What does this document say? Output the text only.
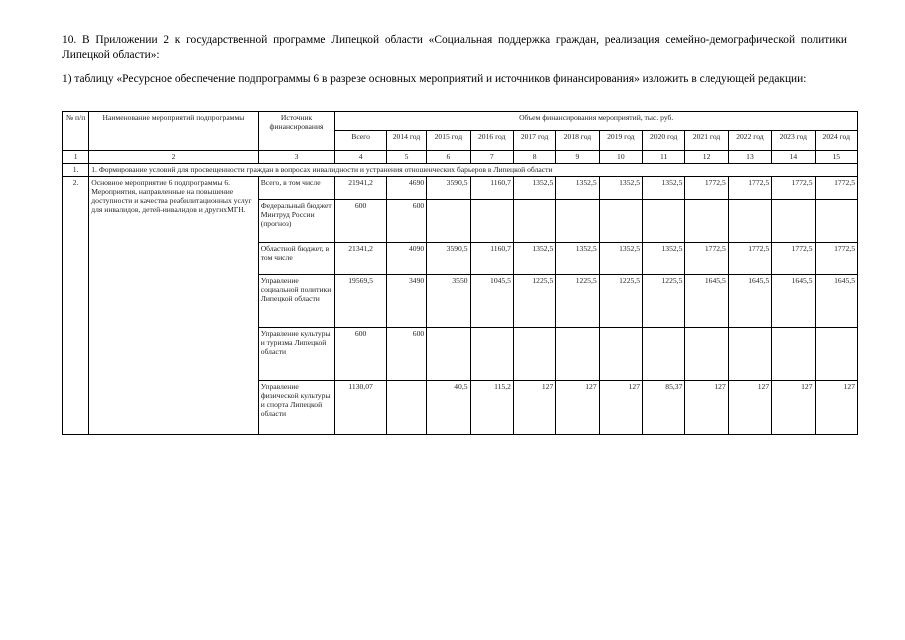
10. В Приложении 2 к государственной программе Липецкой области «Социальная поддержка граждан, реализация семейно-демографической политики Липецкой области»:
1) таблицу «Ресурсное обеспечение подпрограммы 6 в разрезе основных мероприятий и источников финансирования» изложить в следующей редакции:
№ п/п	Наименование мероприятий подпрограммы	Источник финансирования	Объем финансирования мероприятий, тыс. руб.											
			Всего	2014 год	2015 год	2016 год	2017 год	2018 год	2019 год	2020 год	2021 год	2022 год	2023 год	2024 год
1	2	3	4	5	6	7	8	9	10	11	12	13	14	15
1.	1. Формирование условий для просвещенности граждан в вопросах инвалидности и устранения отношенческих барьеров в Липецкой области													
2.	Основное мероприятие 6 подпрограммы 6. Мероприятия, направленные на повышение доступности и качества реабилитационных услуг для инвалидов, детей-инвалидов и другихМГН.	Всего, в том числе	21941,2	4690	3590,5	1160,7	1352,5	1352,5	1352,5	1352,5	1772,5	1772,5	1772,5	1772,5
		Федеральный бюджет Минтруд России (прогноз)	600	600										
		Областной бюджет, в том числе	21341,2	4090	3590,5	1160,7	1352,5	1352,5	1352,5	1352,5	1772,5	1772,5	1772,5	1772,5
		Управление социальной политики Липецкой области	19569,5	3490	3550	1045,5	1225,5	1225,5	1225,5	1225,5	1645,5	1645,5	1645,5	1645,5
		Управление культуры и туризма Липецкой области	600	600										
		Управление физической культуры и спорта Липецкой области	1130,07		40,5	115,2	127	127	127	85,37	127	127	127	127
